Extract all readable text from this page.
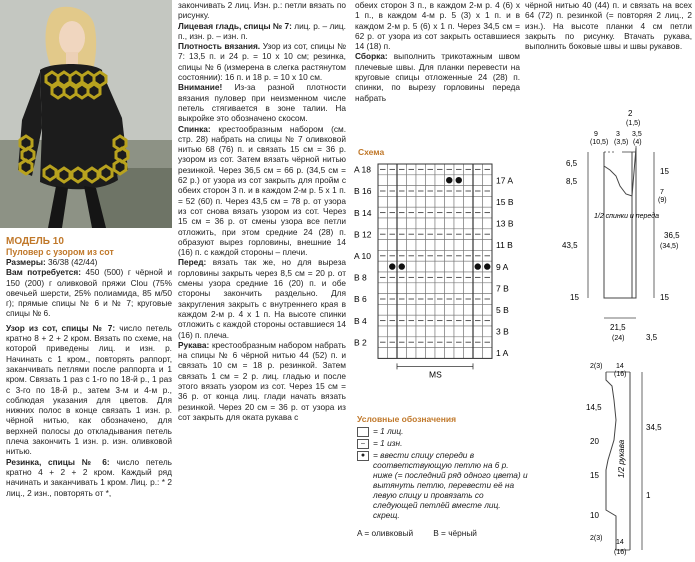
МОДЕЛЬ 10

Пуловер с узором из сот

Размеры: 36/38 (42/44)

Вам потребуется: 450 (500) г чёрной и 150 (200) г оливковой пряжи Clou (75% овечьей шерсти, 25% полиамида, 85 м/50 г); прямые спицы № 6 и № 7; круговые спицы № 6.

Узор из сот, спицы № 7: число петель кратно 8 + 2 + 2 кром. Вязать по схеме, на которой приведены лиц. и изн. р. Начинать с 1 кром., повторять раппорт, заканчивать петлями после раппорта и 1 кром. Связать 1 раз с 1-го по 18-й р., 1 раз с 3-го по 18-й р., затем 3-м и 4-м р., соблюдая указания для цветов. Для нижних полос в конце связать 1 изн. р. чёрной нитью, как обозначено, для верхней полосы до откладывания петель плеча закончить 1 изн. р. изн. оливковой нитью.

Резинка, спицы № 6: число петель кратно 4 + 2 + 2 кром. Каждый ряд начинать и заканчивать 1 кром. Лиц. р.: * 2 лиц., 2 изн., повторять от *,

закончивать 2 лиц. Изн. р.: петли вязать по рисунку.

Лицевая гладь, спицы № 7: лиц. р. – лиц. п., изн. р. – изн. п.

Плотность вязания. Узор из сот, спицы № 7: 13,5 п. и 24 р. = 10 х 10 см; резинка, спицы № 6 (измерена в слегка растянутом состоянии): 16 п. и 18 р. = 10 х 10 см.

Внимание! Из-за разной плотности вязания пуловер при неизменном числе петель стягивается в зоне талии. На выкройке это обозначено скосом.

Спинка: крестообразным набором (см. стр. 28) набрать на спицы № 7 оливковой нитью 68 (76) п. и связать 15 см = 36 р. узором из сот. Затем вязать чёрной нитью резинкой. Через 36,5 см = 66 р. (34,5 см = 62 р.) от узора из сот закрыть для пройм с обеих сторон 3 п. и в каждом 2-м р. 5 х 1 п. = 52 (60) п. Через 43,5 см = 78 р. от узора из сот снова вязать узором из сот. Через 15 см = 36 р. от смены узора все петли отложить, при этом средние 24 (28) п. образуют вырез горловины, внешние 14 (16) п. с каждой стороны – плечи.

Перед: вязать так же, но для выреза горловины закрыть через 8,5 см = 20 р. от смены узора средние 16 (20) п. и обе стороны закончить раздельно. Для закругления закрыть с внутреннего края в каждом 2-м р. 4 х 1 п. На высоте спинки отложить с каждой стороны оставшиеся 14 (16) п. плеча.

Рукава: крестообразным набором набрать на спицы № 6 чёрной нитью 44 (52) п. и связать 10 см = 18 р. резинкой. Затем связать 1 см = 2 р. лиц. гладью и после этого вязать узором из сот. Через 15 см = 36 р. от конца лиц. глади начать вязать резинкой. Через 20 см = 36 р. от узора из сот закрыть для оката рукава с

обеих сторон 3 п., в каждом 2-м р. 4 (6) х 1 п., в каждом 4-м р. 5 (3) х 1 п. и в каждом 2-м р. 5 (6) х 1 п. Через 34,5 см = 62 р. от узора из сот закрыть оставшиеся 14 (18) п.

Сборка: выполнить трикотажным швом плечевые швы. Для планки перевести на круговые спицы отложенные 24 (28) п. спинки, по вырезу горловины переда набрать

чёрной нитью 40 (44) п. и связать на всех 64 (72) п. резинкой (= повторяя 2 лиц., 2 изн.). На высоте планки 4 см петли закрыть по рисунку. Втачать рукава, выполнить боковые швы и швы рукавов.

Схема
A 18
B 16
B 14
B 12
A 10
B 8
B 6
B 4
B 2
17 A
15 B
13 B
11 B
9 A
7 B
5 B
3 B
1 A
MS
Условные обозначения
= 1 лиц.
– = 1 изн.
● = ввести спицу спереди в соответствующую петлю на 6 р. ниже (= последний ряд одного цвета) и вытянуть петлю, перевести её на левую спицу и провязать со следующей петлёй вместе лиц. скрещ.
A = оливковый B = чёрный
2
(1,5)
9
(10,5)
3
(3,5)
3,5
(4)
6,5
8,5
15
7
(9)
43,5
36,5
(34,5)
15	15
21,5
(24)	3,5
1/2 спинки и переда
2(3) 14
(16)
14,5
34,5
20
15
1
10
2(3)
14
(16)
1/2 рукава
